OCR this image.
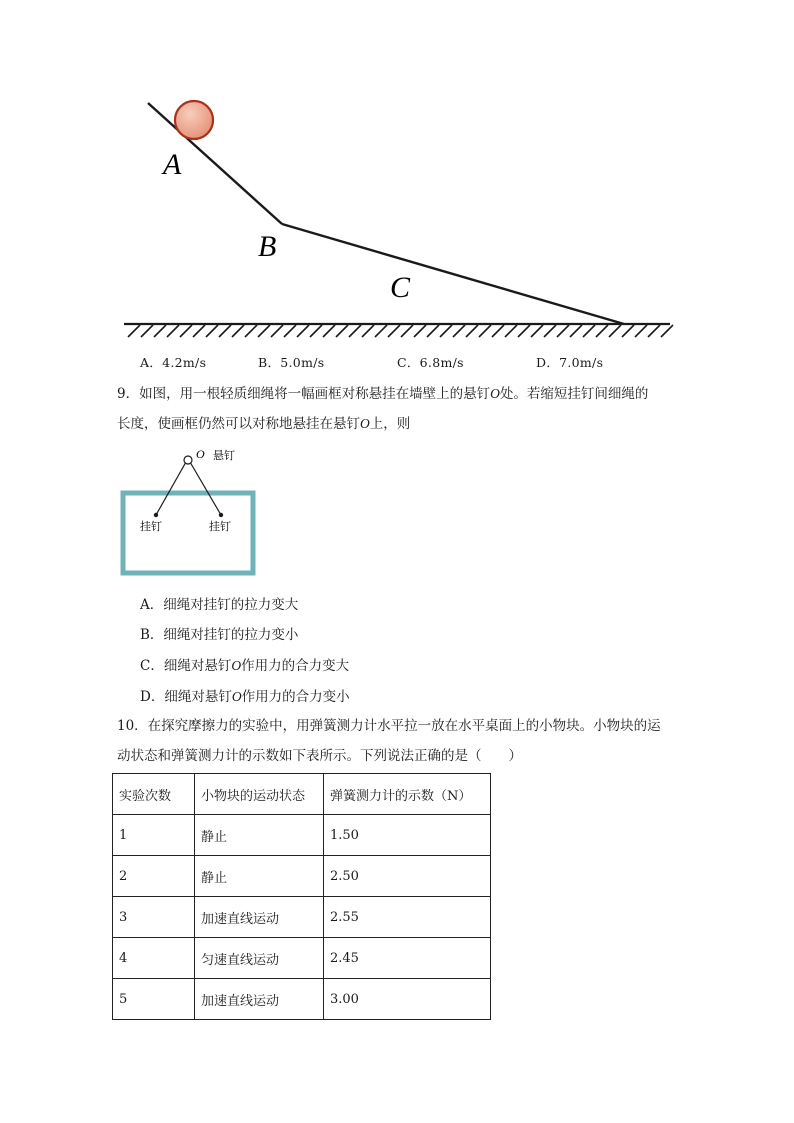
A
B
C
A．4.2m/s	B．5.0m/s	C．6.8m/s	D．7.0m/s
9．如图，用一根轻质细绳将一幅画框对称悬挂在墙壁上的悬钉O处。若缩短挂钉间细绳的
长度，使画框仍然可以对称地悬挂在悬钉O上，则
O 悬钉
挂钉	挂钉
A．细绳对挂钉的拉力变大
B．细绳对挂钉的拉力变小
C．细绳对悬钉O作用力的合力变大
D．细绳对悬钉O作用力的合力变小
10．在探究摩擦力的实验中，用弹簧测力计水平拉一放在水平桌面上的小物块。小物块的运
动状态和弹簧测力计的示数如下表所示。下列说法正确的是（　　）
实验次数	小物块的运动状态	弹簧测力计的示数（N）
1	静止	1.50
2	静止	2.50
3	加速直线运动	2.55
4	匀速直线运动	2.45
5	加速直线运动	3.00
